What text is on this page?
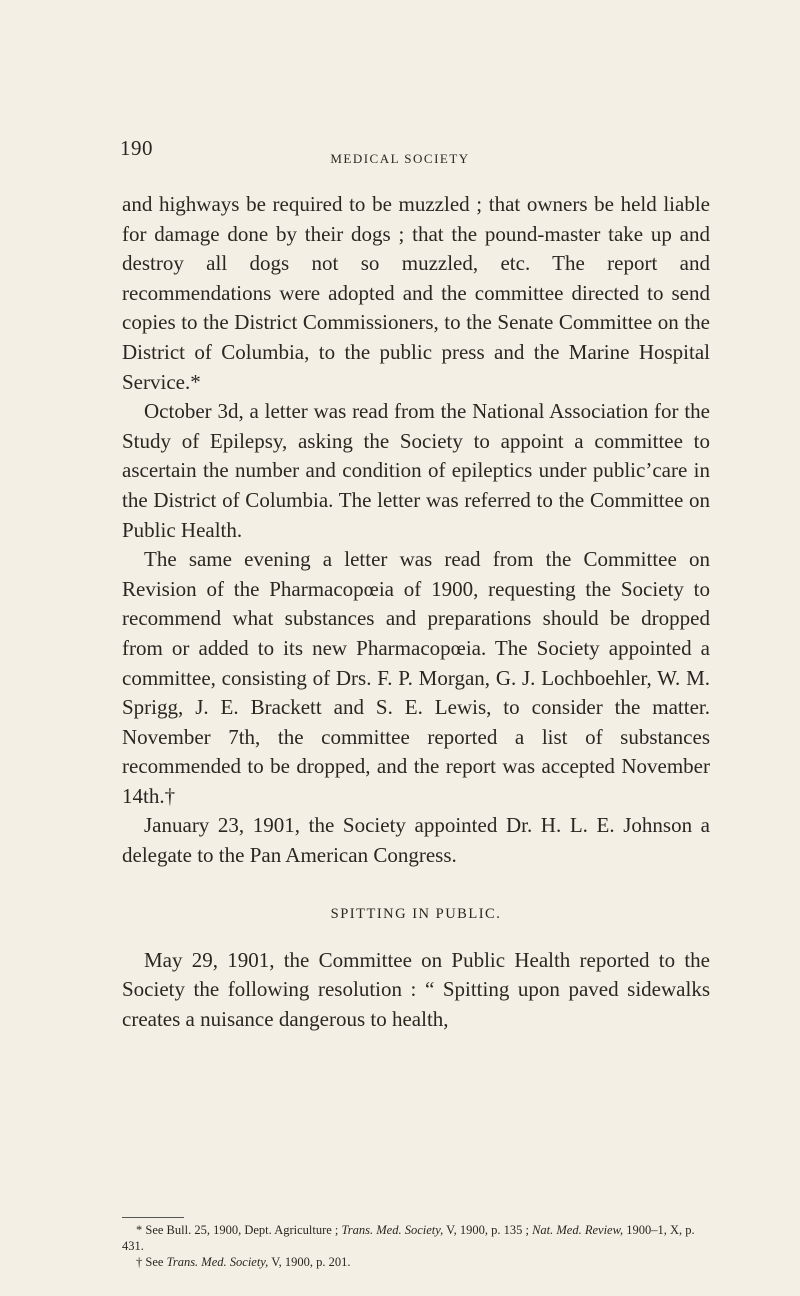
190	MEDICAL SOCIETY

and highways be required to be muzzled ; that owners be held liable for damage done by their dogs ; that the pound-master take up and destroy all dogs not so muzzled, etc. The report and recommendations were adopted and the committee directed to send copies to the District Commissioners, to the Senate Committee on the District of Columbia, to the public press and the Marine Hospital Service.*

October 3d, a letter was read from the National Association for the Study of Epilepsy, asking the Society to appoint a committee to ascertain the number and condition of epileptics under public’care in the District of Columbia. The letter was referred to the Committee on Public Health.

The same evening a letter was read from the Committee on Revision of the Pharmacopœia of 1900, requesting the Society to recommend what substances and preparations should be dropped from or added to its new Pharmacopœia. The Society appointed a committee, consisting of Drs. F. P. Morgan, G. J. Lochboehler, W. M. Sprigg, J. E. Brackett and S. E. Lewis, to consider the matter. November 7th, the committee reported a list of substances recommended to be dropped, and the report was accepted November 14th.†

January 23, 1901, the Society appointed Dr. H. L. E. Johnson a delegate to the Pan American Congress.

SPITTING IN PUBLIC.

May 29, 1901, the Committee on Public Health reported to the Society the following resolution : “ Spitting upon paved sidewalks creates a nuisance dangerous to health,

* See Bull. 25, 1900, Dept. Agriculture ; Trans. Med. Society, V, 1900, p. 135 ; Nat. Med. Review, 1900–1, X, p. 431.

† See Trans. Med. Society, V, 1900, p. 201.
